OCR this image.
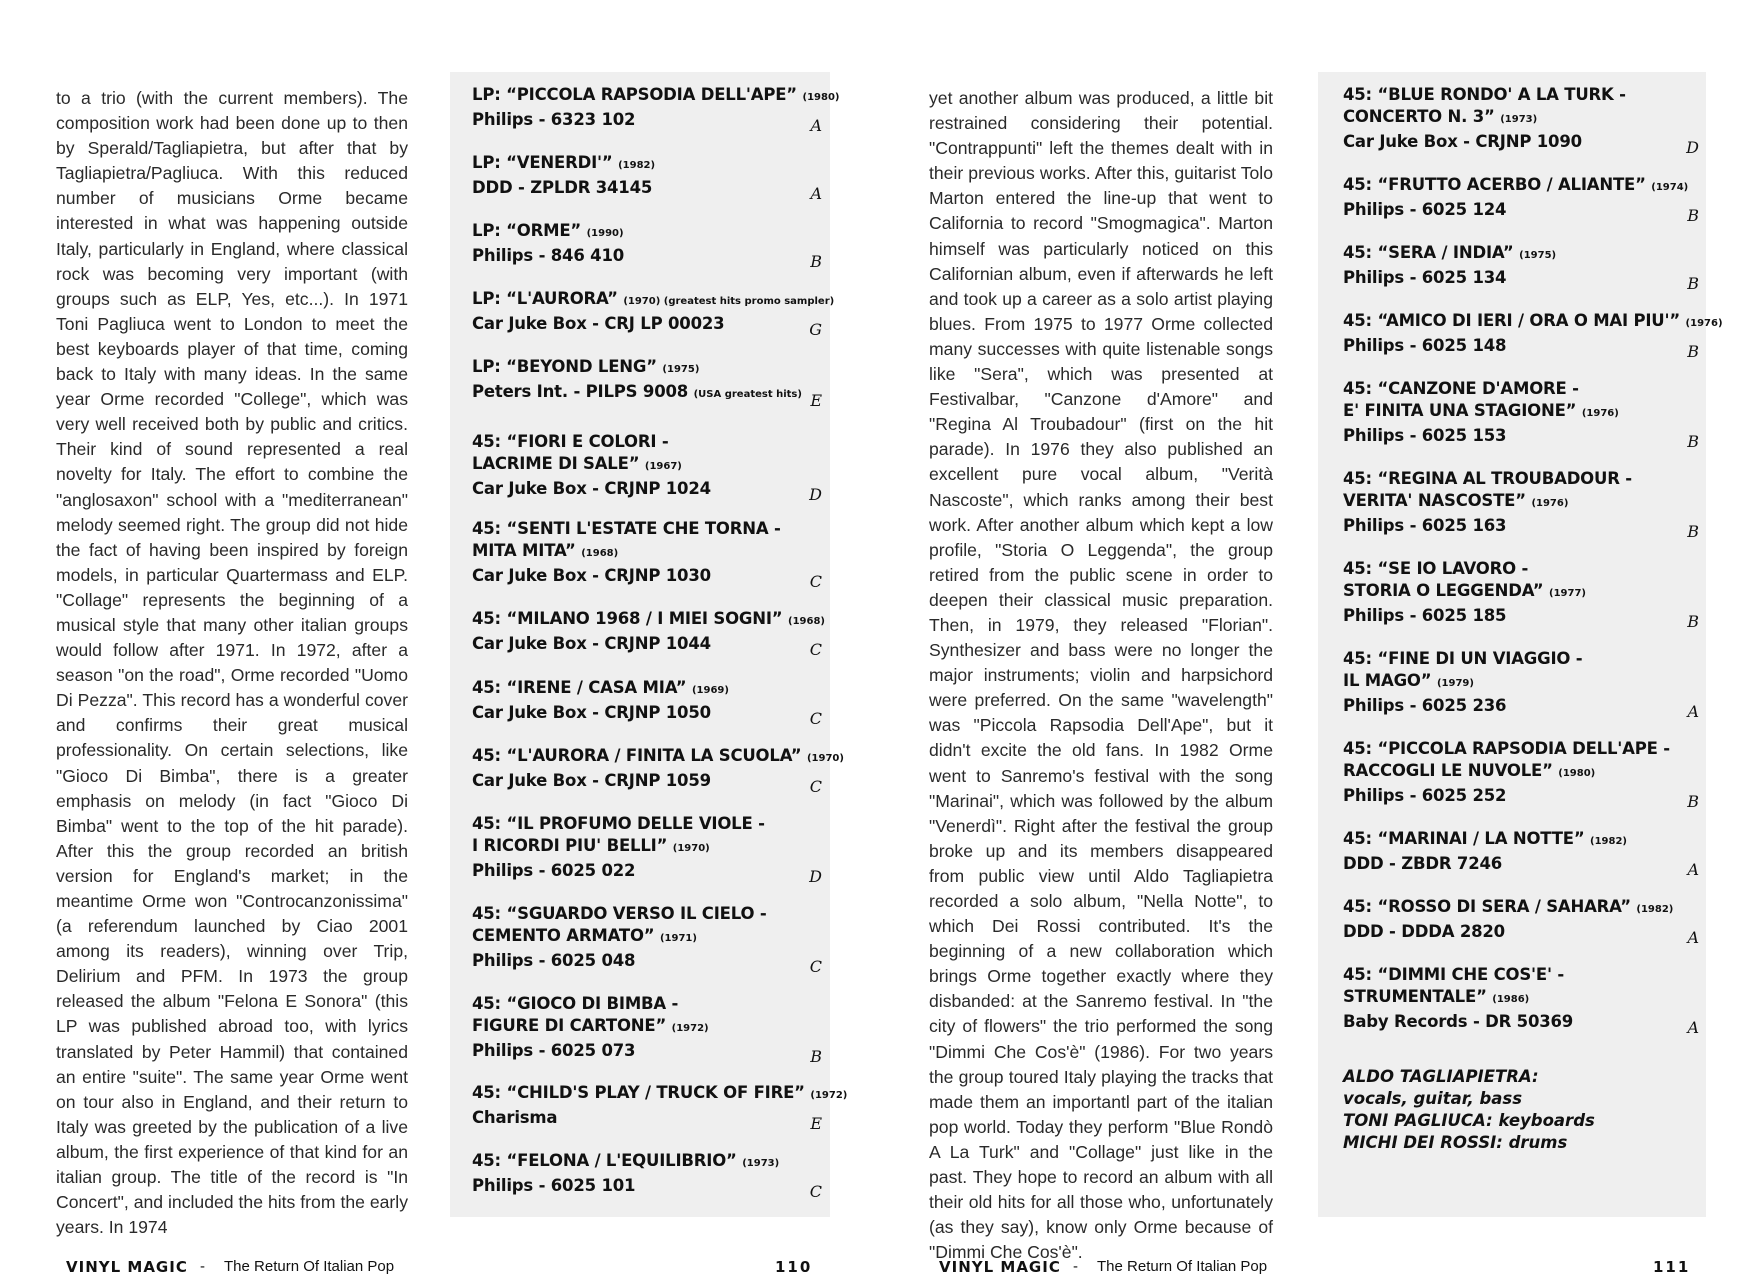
to a trio (with the current members). The composition work had been done up to then by Sperald/Tagliapietra, but after that by Tagliapietra/Pagliuca. With this reduced number of musicians Orme became interested in what was happening outside Italy, particularly in England, where classical rock was becoming very important (with groups such as ELP, Yes, etc...). In 1971 Toni Pagliuca went to London to meet the best keyboards player of that time, coming back to Italy with many ideas. In the same year Orme recorded "College", which was very well received both by public and critics. Their kind of sound represented a real novelty for Italy. The effort to combine the "anglosaxon" school with a "mediterranean" melody seemed right. The group did not hide the fact of having been inspired by foreign models, in particular Quartermass and ELP. "Collage" represents the beginning of a musical style that many other italian groups would follow after 1971. In 1972, after a season "on the road", Orme recorded "Uomo Di Pezza". This record has a wonderful cover and confirms their great musical professionality. On certain selections, like "Gioco Di Bimba", there is a greater emphasis on melody (in fact "Gioco Di Bimba" went to the top of the hit parade). After this the group recorded an british version for England's market; in the meantime Orme won "Controcanzonissima" (a referendum launched by Ciao 2001 among its readers), winning over Trip, Delirium and PFM. In 1973 the group released the album "Felona E Sonora" (this LP was published abroad too, with lyrics translated by Peter Hammil) that contained an entire "suite". The same year Orme went on tour also in England, and their return to Italy was greeted by the publication of a live album, the first experience of that kind for an italian group. The title of the record is "In Concert", and included the hits from the early years. In 1974

LP: “PICCOLA RAPSODIA DELL'APE” (1980)
Philips - 6323 102	A
LP: “VENERDI'” (1982)
DDD - ZPLDR 34145	A
LP: “ORME” (1990)
Philips - 846 410	B
LP: “L'AURORA” (1970) (greatest hits promo sampler)
Car Juke Box - CRJ LP 00023	G
LP: “BEYOND LENG” (1975)
Peters Int. - PILPS 9008 (USA greatest hits) E
45: “FIORI E COLORI -
LACRIME DI SALE” (1967)
Car Juke Box - CRJNP 1024	D
45: “SENTI L'ESTATE CHE TORNA -
MITA MITA” (1968)
Car Juke Box - CRJNP 1030	C
45: “MILANO 1968 / I MIEI SOGNI” (1968)
Car Juke Box - CRJNP 1044	C
45: “IRENE / CASA MIA” (1969)
Car Juke Box - CRJNP 1050	C
45: “L'AURORA / FINITA LA SCUOLA” (1970)
Car Juke Box - CRJNP 1059	C
45: “IL PROFUMO DELLE VIOLE -
I RICORDI PIU' BELLI” (1970)
Philips - 6025 022	D
45: “SGUARDO VERSO IL CIELO -
CEMENTO ARMATO” (1971)
Philips - 6025 048	C
45: “GIOCO DI BIMBA -
FIGURE DI CARTONE” (1972)
Philips - 6025 073	B
45: “CHILD'S PLAY / TRUCK OF FIRE” (1972)
Charisma	E
45: “FELONA / L'EQUILIBRIO” (1973)
Philips - 6025 101	C
VINYL MAGIC - The Return Of Italian Pop	110

yet another album was produced, a little bit restrained considering their potential. "Contrappunti" left the themes dealt with in their previous works. After this, guitarist Tolo Marton entered the line-up that went to California to record "Smogmagica". Marton himself was particularly noticed on this Californian album, even if afterwards he left and took up a career as a solo artist playing blues. From 1975 to 1977 Orme collected many successes with quite listenable songs like "Sera", which was presented at Festivalbar, "Canzone d'Amore" and "Regina Al Troubadour" (first on the hit parade). In 1976 they also published an excellent pure vocal album, "Verità Nascoste", which ranks among their best work. After another album which kept a low profile, "Storia O Leggenda", the group retired from the public scene in order to deepen their classical music preparation. Then, in 1979, they released "Florian". Synthesizer and bass were no longer the major instruments; violin and harpsichord were preferred. On the same "wavelength" was "Piccola Rapsodia Dell'Ape", but it didn't excite the old fans. In 1982 Orme went to Sanremo's festival with the song "Marinai", which was followed by the album "Venerdì". Right after the festival the group broke up and its members disappeared from public view until Aldo Tagliapietra recorded a solo album, "Nella Notte", to which Dei Rossi contributed. It's the beginning of a new collaboration which brings Orme together exactly where they disbanded: at the Sanremo festival. In "the city of flowers" the trio performed the song "Dimmi Che Cos'è" (1986). For two years the group toured Italy playing the tracks that made them an importantl part of the italian pop world. Today they perform "Blue Rondò A La Turk" and "Collage" just like in the past. They hope to record an album with all their old hits for all those who, unfortunately (as they say), know only Orme because of "Dimmi Che Cos'è".

45: “BLUE RONDO' A LA TURK -
CONCERTO N. 3” (1973)
Car Juke Box - CRJNP 1090	D
45: “FRUTTO ACERBO / ALIANTE” (1974)
Philips - 6025 124	B
45: “SERA / INDIA” (1975)
Philips - 6025 134	B
45: “AMICO DI IERI / ORA O MAI PIU'” (1976)
Philips - 6025 148	B
45: “CANZONE D'AMORE -
E' FINITA UNA STAGIONE” (1976)
Philips - 6025 153	B
45: “REGINA AL TROUBADOUR -
VERITA' NASCOSTE” (1976)
Philips - 6025 163	B
45: “SE IO LAVORO -
STORIA O LEGGENDA” (1977)
Philips - 6025 185	B
45: “FINE DI UN VIAGGIO -
IL MAGO” (1979)
Philips - 6025 236	A
45: “PICCOLA RAPSODIA DELL'APE -
RACCOGLI LE NUVOLE” (1980)
Philips - 6025 252	B
45: “MARINAI / LA NOTTE” (1982)
DDD - ZBDR 7246	A
45: “ROSSO DI SERA / SAHARA” (1982)
DDD - DDDA 2820	A
45: “DIMMI CHE COS'E' -
STRUMENTALE” (1986)
Baby Records - DR 50369	A
ALDO TAGLIAPIETRA:
vocals, guitar, bass
TONI PAGLIUCA: keyboards
MICHI DEI ROSSI: drums
VINYL MAGIC - The Return Of Italian Pop	111
